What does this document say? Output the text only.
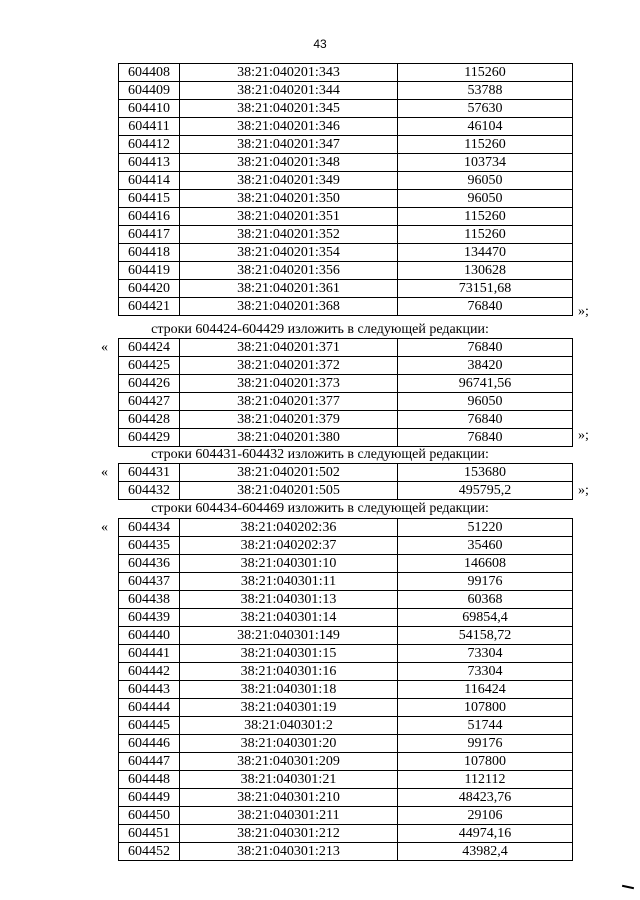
43
604408	38:21:040201:343	115260
604409	38:21:040201:344	53788
604410	38:21:040201:345	57630
604411	38:21:040201:346	46104
604412	38:21:040201:347	115260
604413	38:21:040201:348	103734
604414	38:21:040201:349	96050
604415	38:21:040201:350	96050
604416	38:21:040201:351	115260
604417	38:21:040201:352	115260
604418	38:21:040201:354	134470
604419	38:21:040201:356	130628
604420	38:21:040201:361	73151,68
604421	38:21:040201:368	76840	»;
строки 604424-604429 изложить в следующей редакции:
« 604424	38:21:040201:371	76840
604425	38:21:040201:372	38420
604426	38:21:040201:373	96741,56
604427	38:21:040201:377	96050
604428	38:21:040201:379	76840
604429	38:21:040201:380	76840	»;
строки 604431-604432 изложить в следующей редакции:
« 604431	38:21:040201:502	153680
604432	38:21:040201:505	495795,2	»;
строки 604434-604469 изложить в следующей редакции:
« 604434	38:21:040202:36	51220
604435	38:21:040202:37	35460
604436	38:21:040301:10	146608
604437	38:21:040301:11	99176
604438	38:21:040301:13	60368
604439	38:21:040301:14	69854,4
604440	38:21:040301:149	54158,72
604441	38:21:040301:15	73304
604442	38:21:040301:16	73304
604443	38:21:040301:18	116424
604444	38:21:040301:19	107800
604445	38:21:040301:2	51744
604446	38:21:040301:20	99176
604447	38:21:040301:209	107800
604448	38:21:040301:21	112112
604449	38:21:040301:210	48423,76
604450	38:21:040301:211	29106
604451	38:21:040301:212	44974,16
604452	38:21:040301:213	43982,4
